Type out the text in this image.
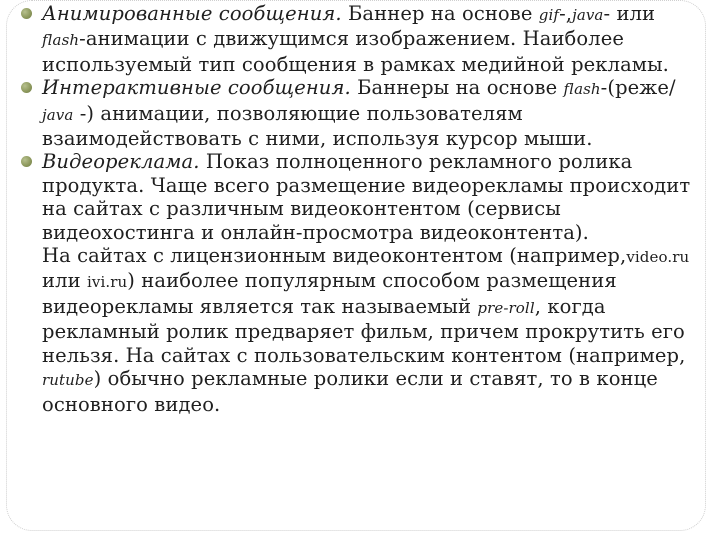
Анимированные сообщения. Баннер на основе gif-,java- или flash-анимации с движущимся изображением. Наиболее используемый тип сообщения в рамках медийной рекламы.
Интерактивные сообщения. Баннеры на основе flash-(реже/ java -) анимации, позволяющие пользователям взаимодействовать с ними, используя курсор мыши.
Видеореклама. Показ полноценного рекламного ролика продукта. Чаще всего размещение видеорекламы происходит на сайтах с различным видеоконтентом (сервисы видеохостинга и онлайн-просмотра видеоконтента).
На сайтах с лицензионным видеоконтентом (например,video.ru или ivi.ru) наиболее популярным способом размещения видеорекламы является так называемый pre-roll, когда рекламный ролик предваряет фильм, причем прокрутить его нельзя. На сайтах с пользовательским контентом (например, rutube) обычно рекламные ролики если и ставят, то в конце основного видео.
